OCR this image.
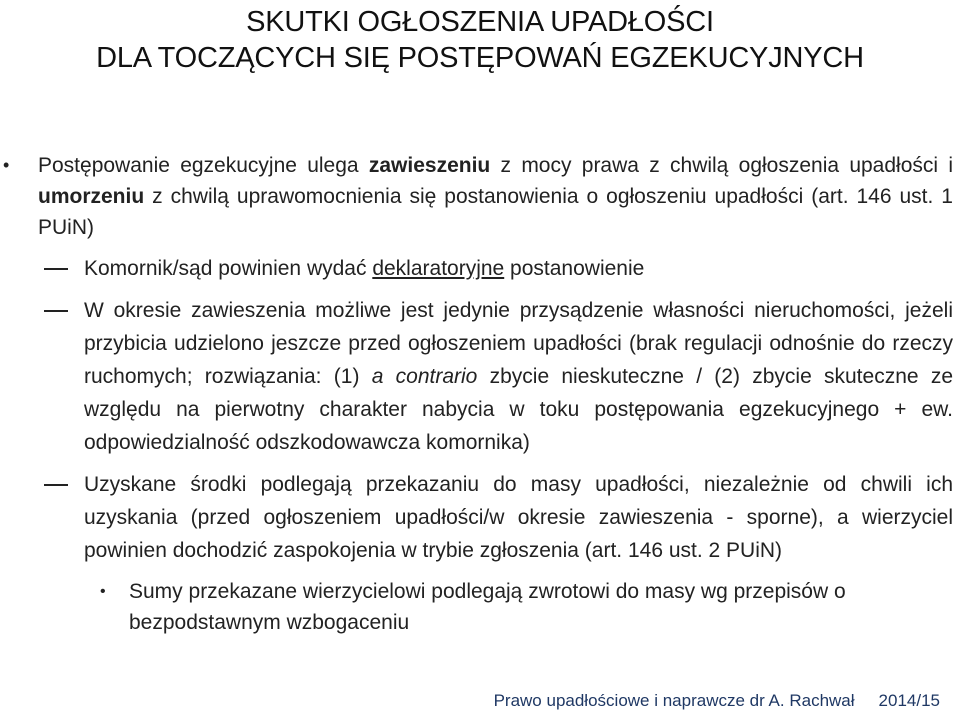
SKUTKI OGŁOSZENIA UPADŁOŚCI
DLA TOCZĄCYCH SIĘ POSTĘPOWAŃ EGZEKUCYJNYCH
• Postępowanie egzekucyjne ulega zawieszeniu z mocy prawa z chwilą ogłoszenia upadłości i umorzeniu z chwilą uprawomocnienia się postanowienia o ogłoszeniu upadłości (art. 146 ust. 1 PUiN)
Komornik/sąd powinien wydać deklaratoryjne postanowienie
W okresie zawieszenia możliwe jest jedynie przysądzenie własności nieruchomości, jeżeli przybicia udzielono jeszcze przed ogłoszeniem upadłości (brak regulacji odnośnie do rzeczy ruchomych; rozwiązania: (1) a contrario zbycie nieskuteczne / (2) zbycie skuteczne ze względu na pierwotny charakter nabycia w toku postępowania egzekucyjnego + ew. odpowiedzialność odszkodowawcza komornika)
Uzyskane środki podlegają przekazaniu do masy upadłości, niezależnie od chwili ich uzyskania (przed ogłoszeniem upadłości/w okresie zawieszenia - sporne), a wierzyciel powinien dochodzić zaspokojenia w trybie zgłoszenia (art. 146 ust. 2 PUiN)
• Sumy przekazane wierzycielowi podlegają zwrotowi do masy wg przepisów o bezpodstawnym wzbogaceniu
Prawo upadłościowe i naprawcze dr A. Rachwał 2014/15
